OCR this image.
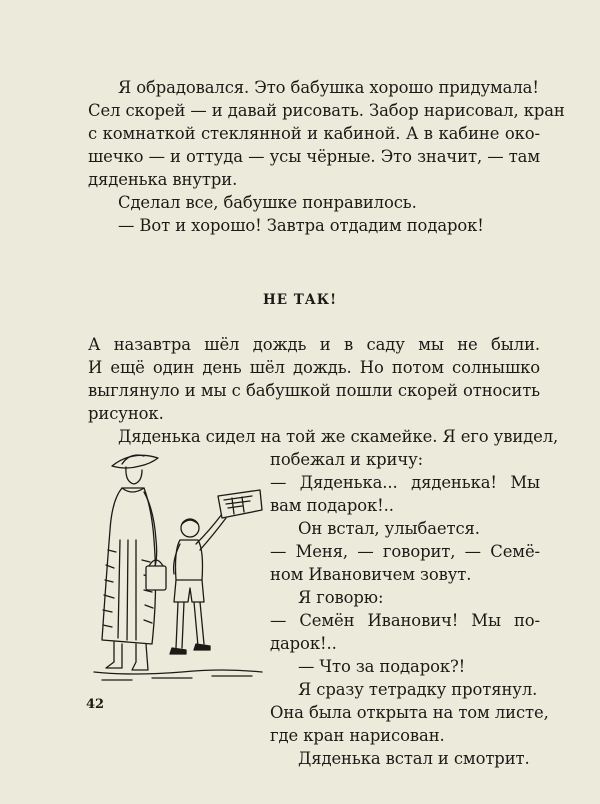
Я обрадовался. Это бабушка хорошо придумала!
Сел скорей — и давай рисовать. Забор нарисовал, кран
с комнаткой стеклянной и кабиной. А в кабине око-
шечко — и оттуда — усы чёрные. Это значит, — там
дяденька внутри.
Сделал все, бабушке понравилось.
— Вот и хорошо! Завтра отдадим подарок!
НЕ ТАК!
А назавтра шёл дождь и в саду мы не были.
И ещё один день шёл дождь. Но потом солнышко
выглянуло и мы с бабушкой пошли скорей относить
рисунок.
Дяденька сидел на той же скамейке. Я его увидел,
побежал и кричу:
— Дяденька... дяденька! Мы
вам подарок!..
Он встал, улыбается.
— Меня, — говорит, — Семё-
ном Ивановичем зовут.
Я говорю:
— Семён Иванович! Мы по-
дарок!..
— Что за подарок?!
Я сразу тетрадку протянул.
Она была открыта на том листе,
где кран нарисован.
Дяденька встал и смотрит.
42
